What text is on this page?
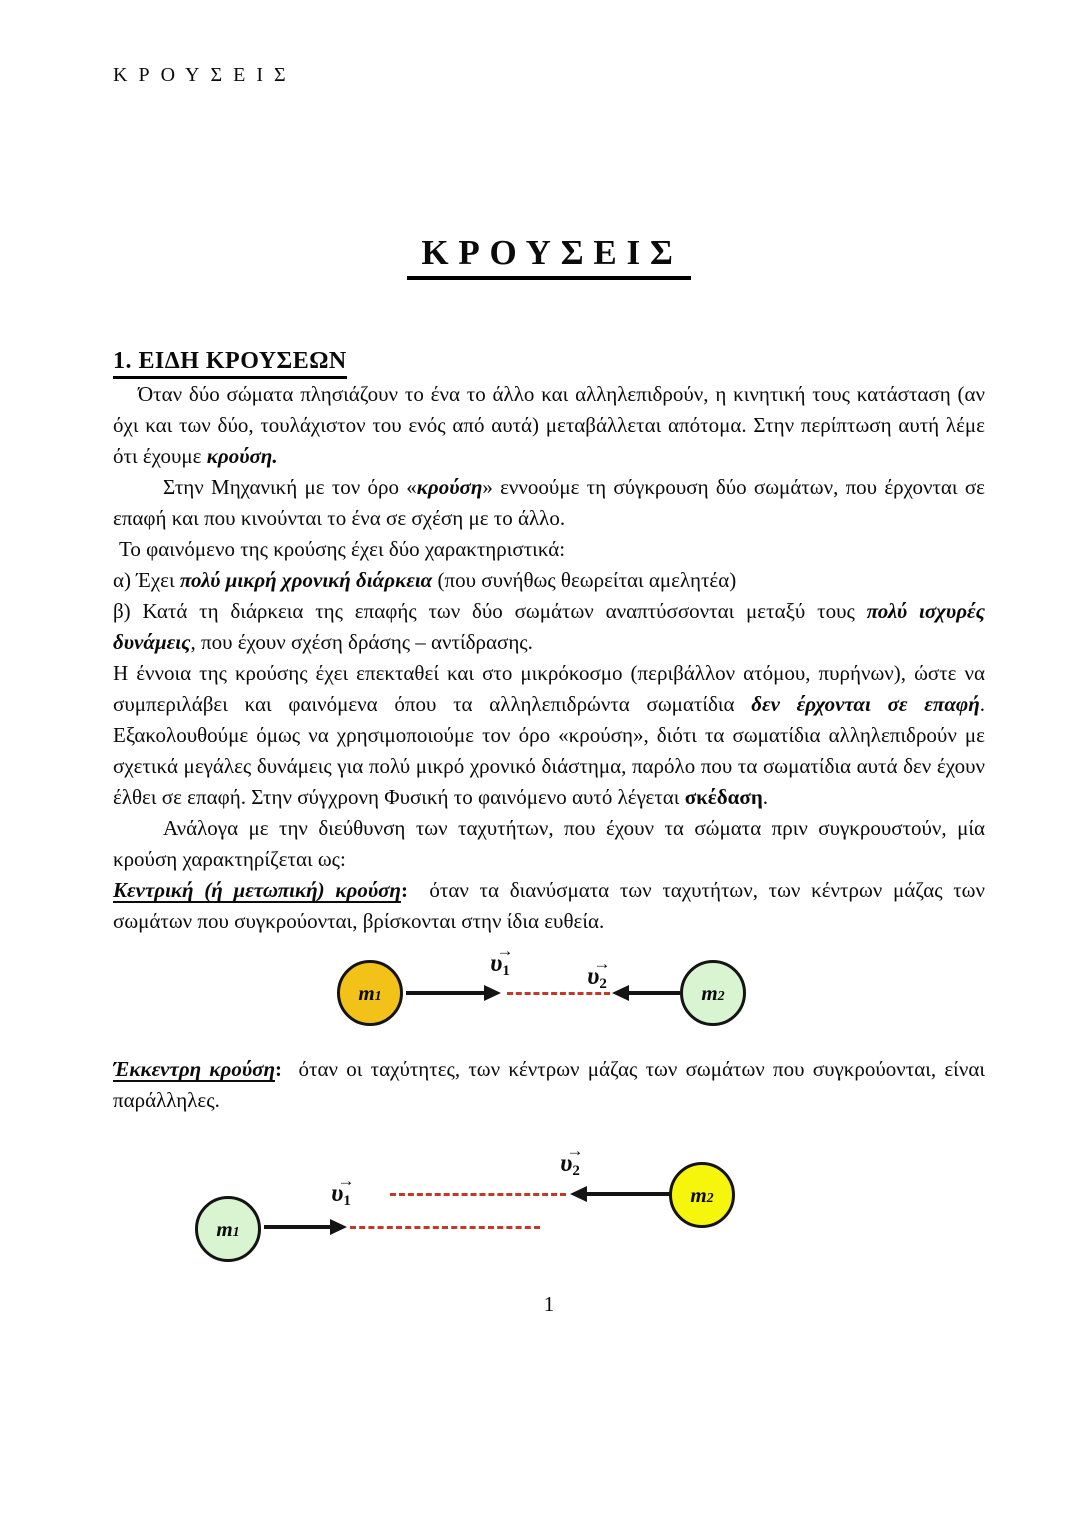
ΚΡΟΥΣΕΙΣ
ΚΡΟΥΣΕΙΣ
1. ΕΙΔΗ ΚΡΟΥΣΕΩΝ

Όταν δύο σώματα πλησιάζουν το ένα το άλλο και αλληλεπιδρούν, η κινητική τους κατάσταση (αν όχι και των δύο, τουλάχιστον του ενός από αυτά) μεταβάλλεται απότομα. Στην περίπτωση αυτή λέμε ότι έχουμε κρούση.

Στην Μηχανική με τον όρο «κρούση» εννοούμε τη σύγκρουση δύο σωμάτων, που έρχονται σε επαφή και που κινούνται το ένα σε σχέση με το άλλο.

Το φαινόμενο της κρούσης έχει δύο χαρακτηριστικά:

α) Έχει πολύ μικρή χρονική διάρκεια (που συνήθως θεωρείται αμελητέα)

β) Κατά τη διάρκεια της επαφής των δύο σωμάτων αναπτύσσονται μεταξύ τους πολύ ισχυρές δυνάμεις, που έχουν σχέση δράσης – αντίδρασης.

Η έννοια της κρούσης έχει επεκταθεί και στο μικρόκοσμο (περιβάλλον ατόμου, πυρήνων), ώστε να συμπεριλάβει και φαινόμενα όπου τα αλληλεπιδρώντα σωματίδια δεν έρχονται σε επαφή. Εξακολουθούμε όμως να χρησιμοποιούμε τον όρο «κρούση», διότι τα σωματίδια αλληλεπιδρούν με σχετικά μεγάλες δυνάμεις για πολύ μικρό χρονικό διάστημα, παρόλο που τα σωματίδια αυτά δεν έχουν έλθει σε επαφή. Στην σύγχρονη Φυσική το φαινόμενο αυτό λέγεται σκέδαση.

Ανάλογα με την διεύθυνση των ταχυτήτων, που έχουν τα σώματα πριν συγκρουστούν, μία κρούση χαρακτηρίζεται ως:

Κεντρική (ή μετωπική) κρούση:  όταν τα διανύσματα των ταχυτήτων, των κέντρων μάζας των σωμάτων που συγκρούονται, βρίσκονται στην ίδια ευθεία.

→
$\upsilon_1$	→
$\upsilon_2$
m 1	m 2

Έκκεντρη κρούση:  όταν οι ταχύτητες, των κέντρων μάζας των σωμάτων που συγκρούονται, είναι παράλληλες.

→
$\upsilon_2$
m 2
→
$\upsilon_1$
m 1
1
